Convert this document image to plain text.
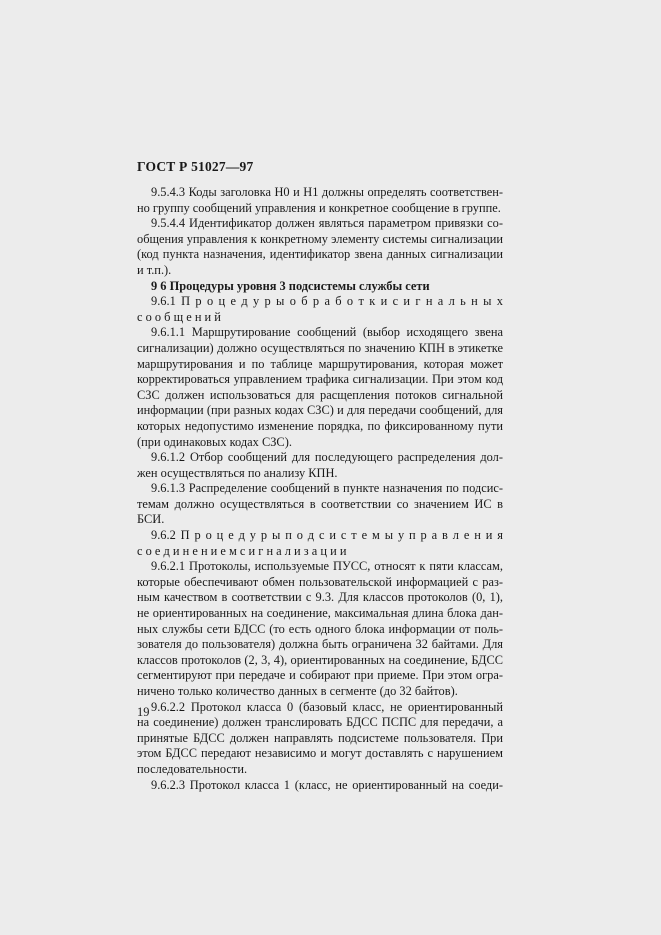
ГОСТ Р 51027—97

9.5.4.3 Коды заголовка Н0 и Н1 должны определять соответствен-
но группу сообщений управления и конкретное сообщение в группе.

9.5.4.4 Идентификатор должен являться параметром привязки со-
общения управления к конкретному элементу системы сигнализации
(код пункта назначения, идентификатор звена данных сигнализации
и т.п.).

9 6 Процедуры уровня 3 подсистемы службы сети

9.6.1 П р о ц е д у р ы о б р а б о т к и с и г н а л ь н ы х
с о о б щ е н и й

9.6.1.1 Маршрутирование сообщений (выбор исходящего звена
сигнализации) должно осуществляться по значению КПН в этикетке
маршрутирования и по таблице маршрутирования, которая может
корректироваться управлением трафика сигнализации. При этом код
СЗС должен использоваться для расщепления потоков сигнальной
информации (при разных кодах СЗС) и для передачи сообщений, для
которых недопустимо изменение порядка, по фиксированному пути
(при одинаковых кодах СЗС).

9.6.1.2 Отбор сообщений для последующего распределения дол-
жен осуществляться по анализу КПН.

9.6.1.3 Распределение сообщений в пункте назначения по подсис-
темам должно осуществляться в соответствии со значением ИС в
БСИ.

9.6.2 П р о ц е д у р ы п о д с и с т е м ы у п р а в л е н и я
с о е д и н е н и е м с и г н а л и з а ц и и

9.6.2.1 Протоколы, используемые ПУСС, относят к пяти классам,
которые обеспечивают обмен пользовательской информацией с раз-
ным качеством в соответствии с 9.3. Для классов протоколов (0, 1),
не ориентированных на соединение, максимальная длина блока дан-
ных службы сети БДСС (то есть одного блока информации от поль-
зователя до пользователя) должна быть ограничена 32 байтами. Для
классов протоколов (2, 3, 4), ориентированных на соединение, БДСС
сегментируют при передаче и собирают при приеме. При этом огра-
ничено только количество данных в сегменте (до 32 байтов).

9.6.2.2 Протокол класса 0 (базовый класс, не ориентированный
на соединение) должен транслировать БДСС ПСПС для передачи, а
принятые БДСС должен направлять подсистеме пользователя. При
этом БДСС передают независимо и могут доставлять с нарушением
последовательности.

9.6.2.3 Протокол класса 1 (класс, не ориентированный на соеди-

19
